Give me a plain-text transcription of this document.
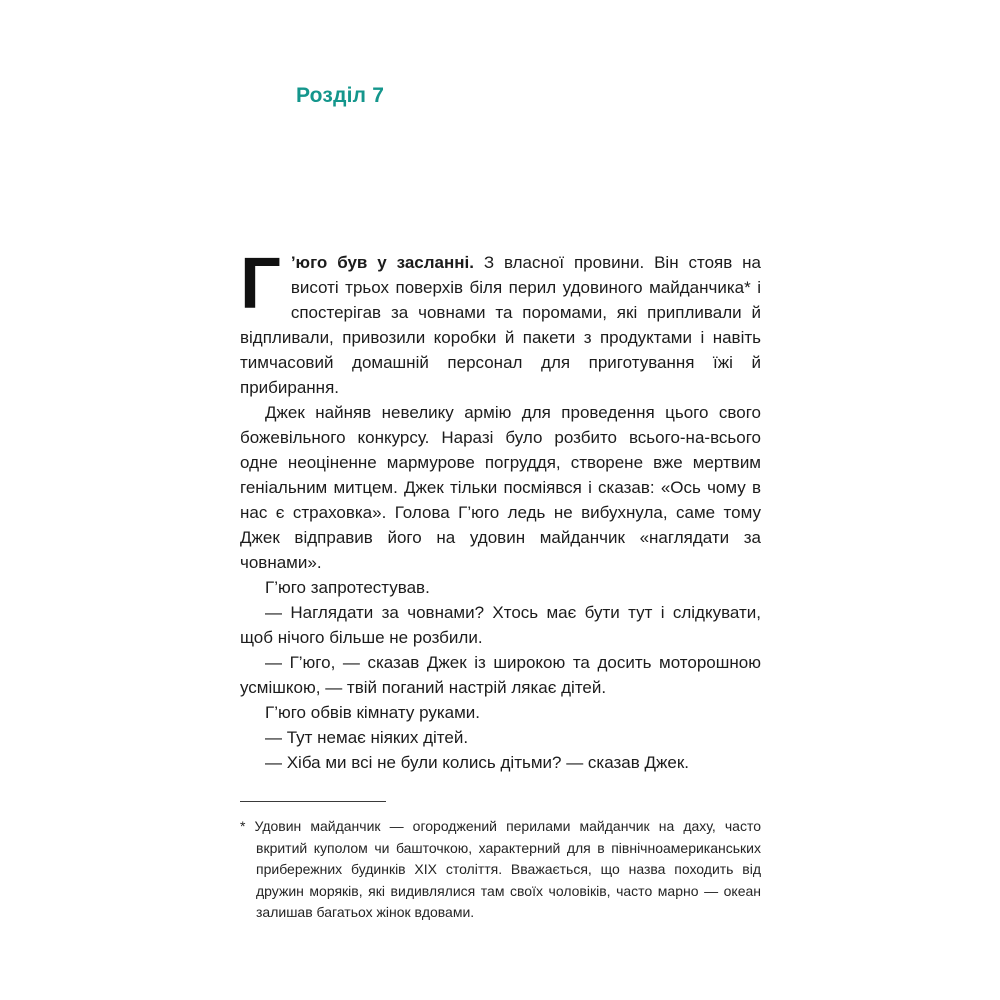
Розділ 7

Г ’юго був у засланні. З власної провини. Він стояв на висоті трьох поверхів біля перил удовиного майданчика* і спостерігав за човнами та поромами, які припливали й відпливали, привозили коробки й пакети з продуктами і навіть тимчасовий домашній персонал для приготування їжі й прибирання.

Джек найняв невелику армію для проведення цього свого божевільного конкурсу. Наразі було розбито всього-на-всього одне неоціненне мармурове погруддя, створене вже мертвим геніальним митцем. Джек тільки посміявся і сказав: «Ось чому в нас є страховка». Голова Г’юго ледь не вибухнула, саме тому Джек відправив його на удовин майданчик «наглядати за човнами».

Г’юго запротестував.

— Наглядати за човнами? Хтось має бути тут і слідкувати, щоб нічого більше не розбили.

— Г’юго, — сказав Джек із широкою та досить моторошною усмішкою, — твій поганий настрій лякає дітей.

Г’юго обвів кімнату руками.

— Тут немає ніяких дітей.

— Хіба ми всі не були колись дітьми? — сказав Джек.

* Удовин майданчик — огороджений перилами майданчик на даху, часто вкритий куполом чи башточкою, характерний для в північноамериканських прибережних будинків XIX століття. Вважається, що назва походить від дружин моряків, які видивлялися там своїх чоловіків, часто марно — океан залишав багатьох жінок вдовами.
